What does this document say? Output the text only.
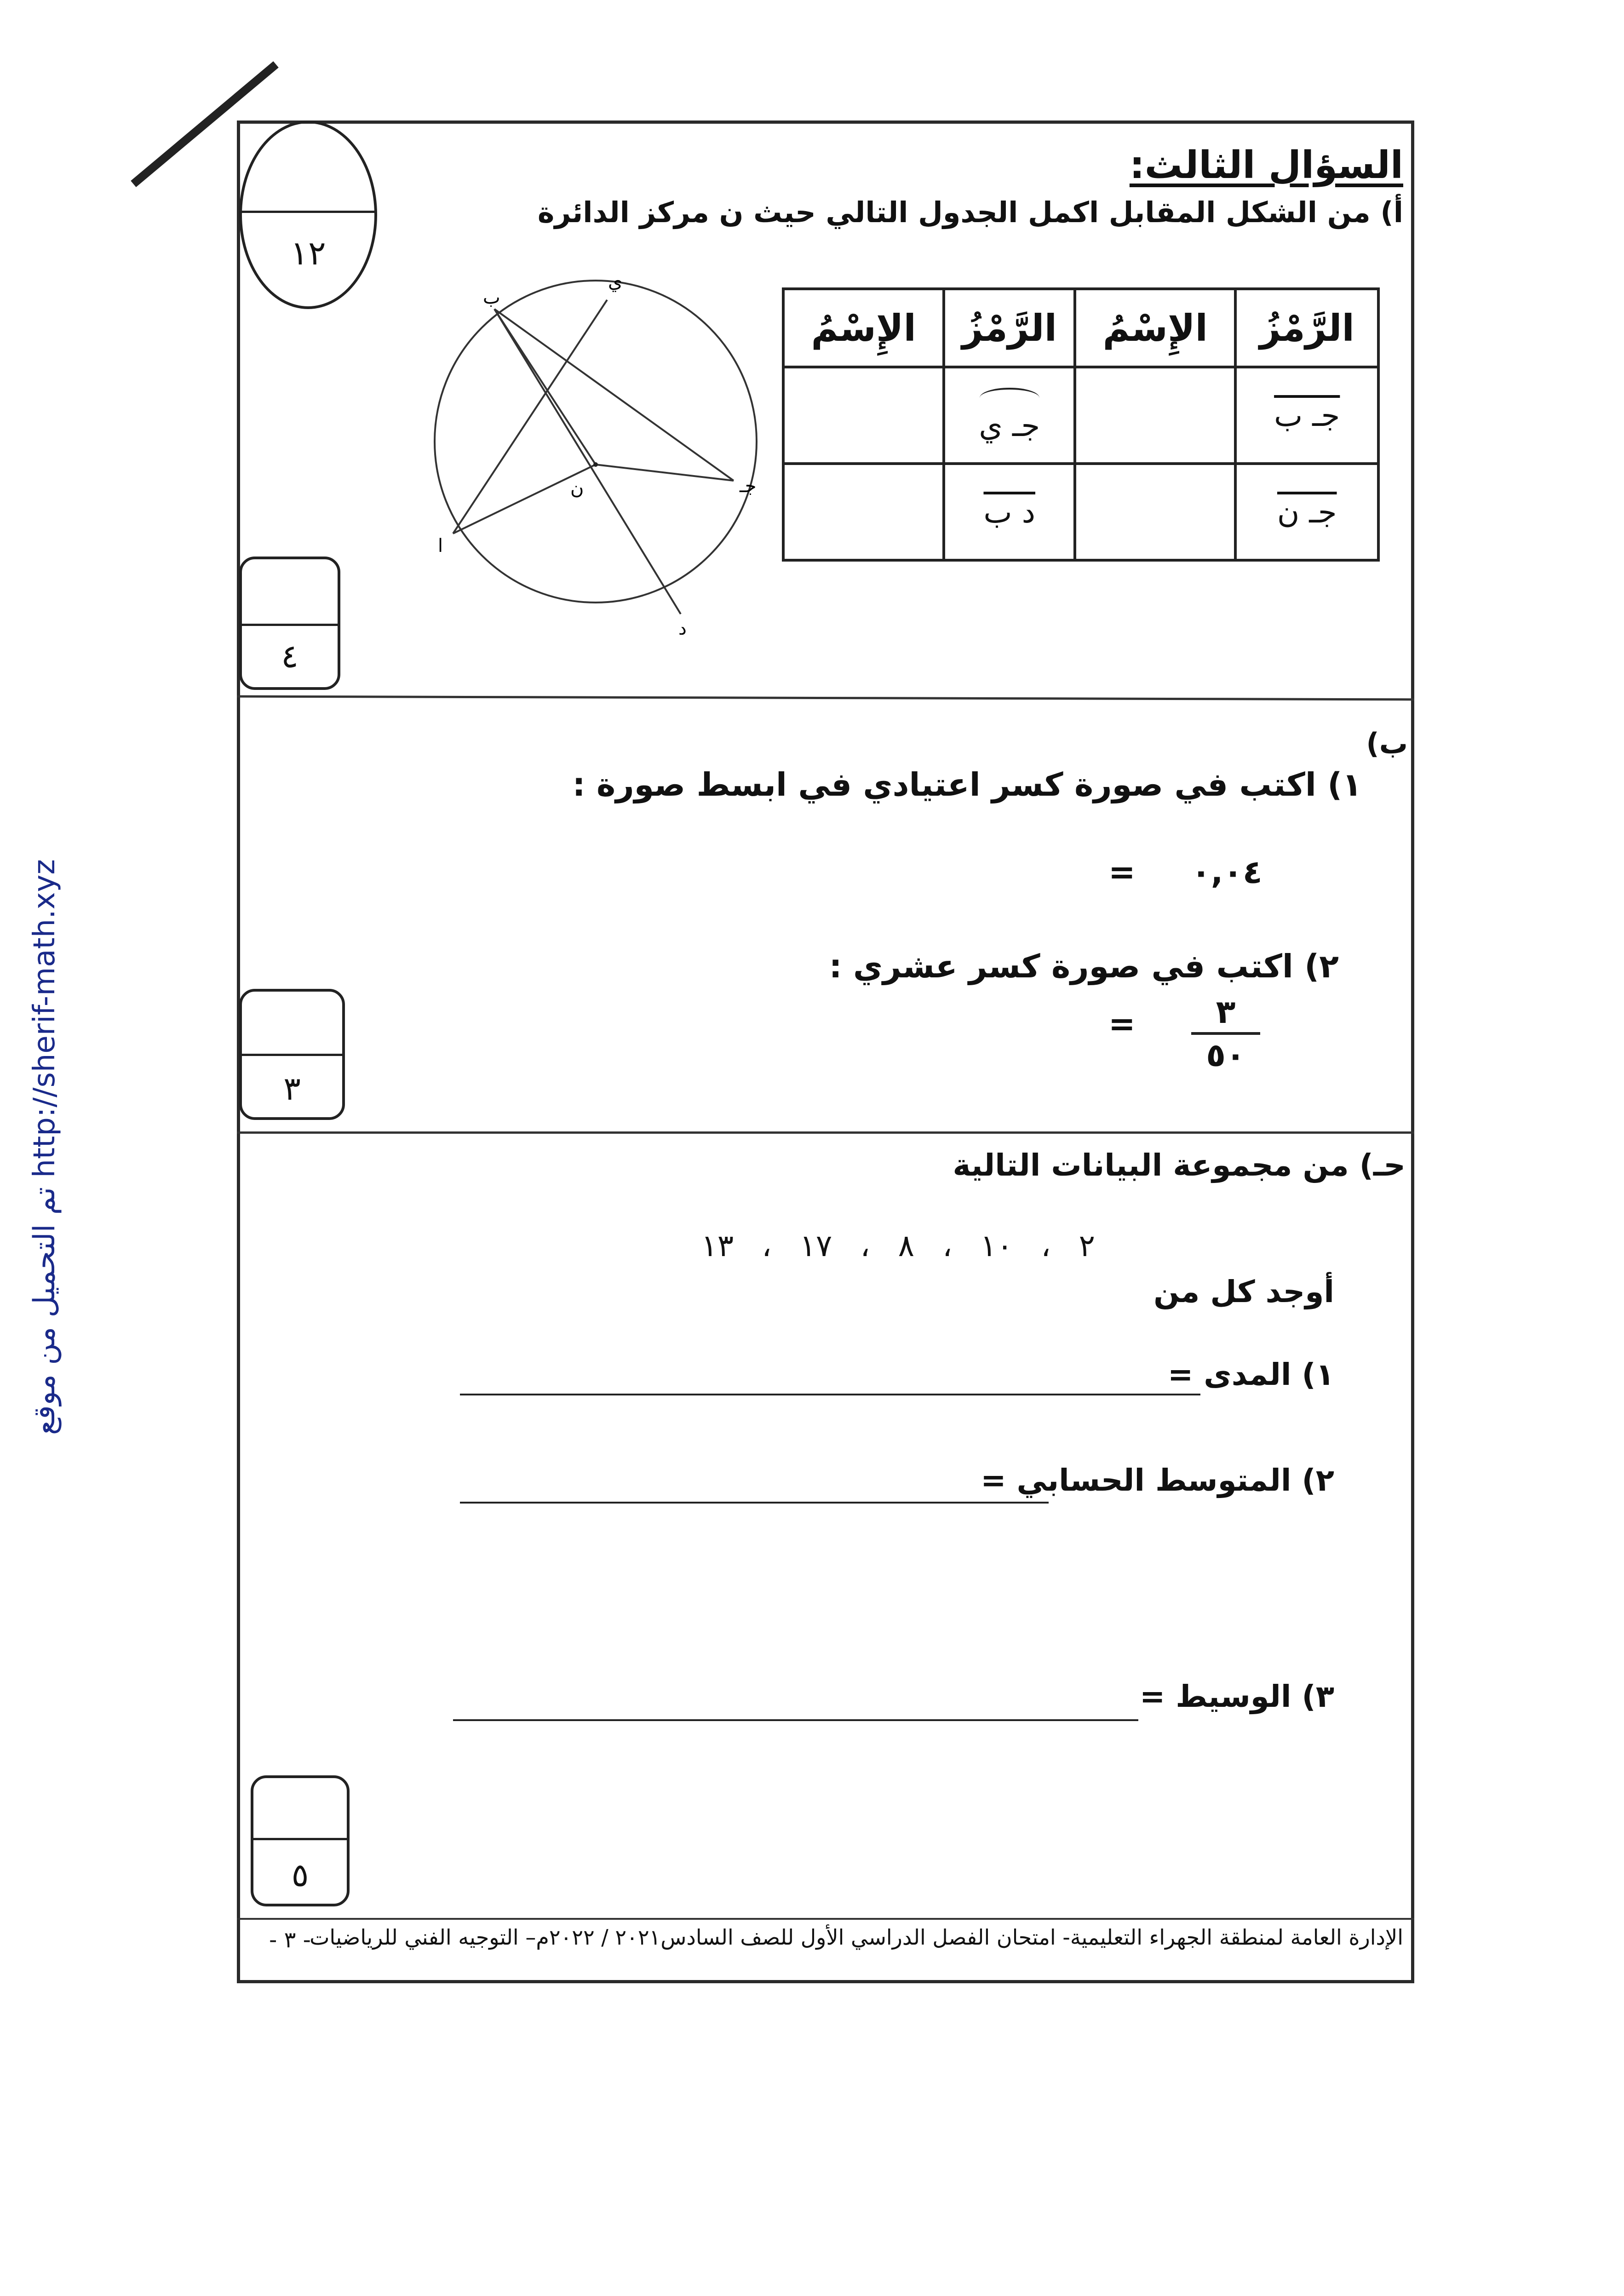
تم التحميل من موقع http://sherif-math.xyz
١٢
السؤال الثالث:
أ) من الشكل المقابل اكمل الجدول التالي حيث ن مركز الدائرة
ب
ي
جـ
ن
ا
د
الرَّمْزُ	الإِسْمُ	الرَّمْزُ	الإِسْمُ
جـ ب		جـ ي	
جـ ن		د ب	
٤
ب)
١) اكتب في صورة كسر اعتيادي في ابسط صورة :
٠,٠٤
=
٢) اكتب في صورة كسر عشري :
٣
٥٠
=
٣
حـ) من مجموعة البيانات التالية
٢ ، ١٠ ، ٨ ، ١٧ ، ١٣
أوجد كل من
١) المدى =
٢) المتوسط الحسابي =
٣) الوسيط =
٥
الإدارة العامة لمنطقة الجهراء التعليمية- امتحان الفصل الدراسي الأول للصف السادس٢٠٢١ / ٢٠٢٢م– التوجيه الفني للرياضيات
- ٣ -
